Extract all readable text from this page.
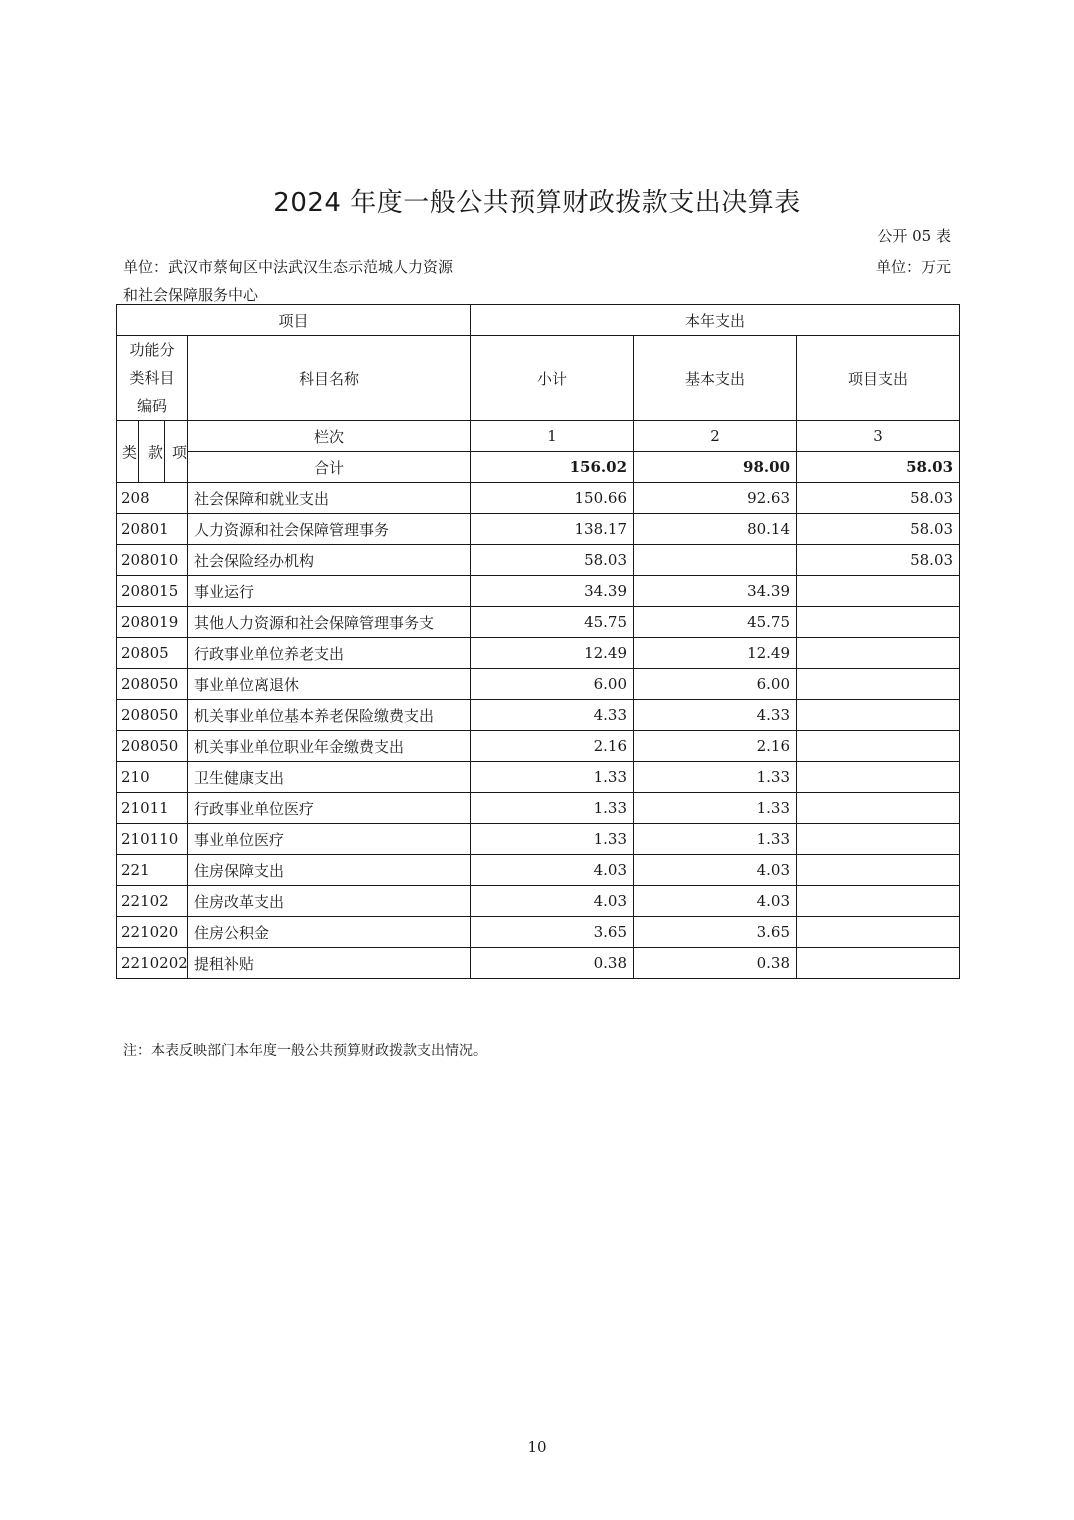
2024 年度一般公共预算财政拨款支出决算表
公开 05 表
单位：武汉市蔡甸区中法武汉生态示范城人力资源和社会保障服务中心
单位：万元
项目		本年支出		

功能分类科目编码	科目名称	小计	基本支出	项目支出

类 款 项	栏次	1	2	3
	合计	156.02	98.00	58.03
208	社会保障和就业支出	150.66	92.63	58.03
20801	人力资源和社会保障管理事务	138.17	80.14	58.03
208010	社会保险经办机构	58.03		58.03
208015	事业运行	34.39	34.39	
208019	其他人力资源和社会保障管理事务支	45.75	45.75	
20805	行政事业单位养老支出	12.49	12.49	
208050	事业单位离退休	6.00	6.00	
208050	机关事业单位基本养老保险缴费支出	4.33	4.33	
208050	机关事业单位职业年金缴费支出	2.16	2.16	
210	卫生健康支出	1.33	1.33	
21011	行政事业单位医疗	1.33	1.33	
210110	事业单位医疗	1.33	1.33	
221	住房保障支出	4.03	4.03	
22102	住房改革支出	4.03	4.03	
221020	住房公积金	3.65	3.65	
2210202	提租补贴	0.38	0.38	
注：本表反映部门本年度一般公共预算财政拨款支出情况。
10
